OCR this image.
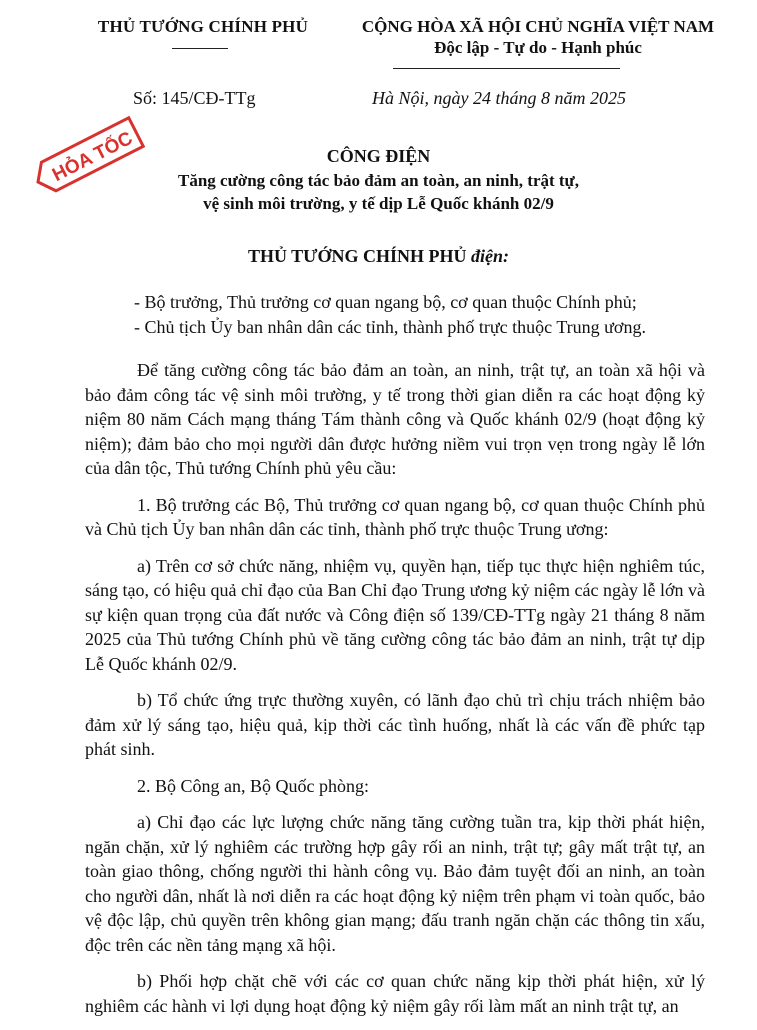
THỦ TƯỚNG CHÍNH PHỦ	CỘNG HÒA XÃ HỘI CHỦ NGHĨA VIỆT NAM
Độc lập - Tự do - Hạnh phúc
Số: 145/CĐ-TTg	Hà Nội, ngày 24 tháng 8 năm 2025
HỎA TỐC	CÔNG ĐIỆN
Tăng cường công tác bảo đảm an toàn, an ninh, trật tự,
vệ sinh môi trường, y tế dịp Lễ Quốc khánh 02/9
THỦ TƯỚNG CHÍNH PHỦ điện:
- Bộ trưởng, Thủ trưởng cơ quan ngang bộ, cơ quan thuộc Chính phủ;
- Chủ tịch Ủy ban nhân dân các tỉnh, thành phố trực thuộc Trung ương.

Để tăng cường công tác bảo đảm an toàn, an ninh, trật tự, an toàn xã hội và bảo đảm công tác vệ sinh môi trường, y tế trong thời gian diễn ra các hoạt động kỷ niệm 80 năm Cách mạng tháng Tám thành công và Quốc khánh 02/9 (hoạt động kỷ niệm); đảm bảo cho mọi người dân được hưởng niềm vui trọn vẹn trong ngày lễ lớn của dân tộc, Thủ tướng Chính phủ yêu cầu:

1. Bộ trưởng các Bộ, Thủ trưởng cơ quan ngang bộ, cơ quan thuộc Chính phủ và Chủ tịch Ủy ban nhân dân các tỉnh, thành phố trực thuộc Trung ương:

a) Trên cơ sở chức năng, nhiệm vụ, quyền hạn, tiếp tục thực hiện nghiêm túc, sáng tạo, có hiệu quả chỉ đạo của Ban Chỉ đạo Trung ương kỷ niệm các ngày lễ lớn và sự kiện quan trọng của đất nước và Công điện số 139/CĐ-TTg ngày 21 tháng 8 năm 2025 của Thủ tướng Chính phủ về tăng cường công tác bảo đảm an ninh, trật tự dịp Lễ Quốc khánh 02/9.

b) Tổ chức ứng trực thường xuyên, có lãnh đạo chủ trì chịu trách nhiệm bảo đảm xử lý sáng tạo, hiệu quả, kịp thời các tình huống, nhất là các vấn đề phức tạp phát sinh.

2. Bộ Công an, Bộ Quốc phòng:

a) Chỉ đạo các lực lượng chức năng tăng cường tuần tra, kịp thời phát hiện, ngăn chặn, xử lý nghiêm các trường hợp gây rối an ninh, trật tự; gây mất trật tự, an toàn giao thông, chống người thi hành công vụ. Bảo đảm tuyệt đối an ninh, an toàn cho người dân, nhất là nơi diễn ra các hoạt động kỷ niệm trên phạm vi toàn quốc, bảo vệ độc lập, chủ quyền trên không gian mạng; đấu tranh ngăn chặn các thông tin xấu, độc trên các nền tảng mạng xã hội.

b) Phối hợp chặt chẽ với các cơ quan chức năng kịp thời phát hiện, xử lý nghiêm các hành vi lợi dụng hoạt động kỷ niệm gây rối làm mất an ninh trật tự, an
